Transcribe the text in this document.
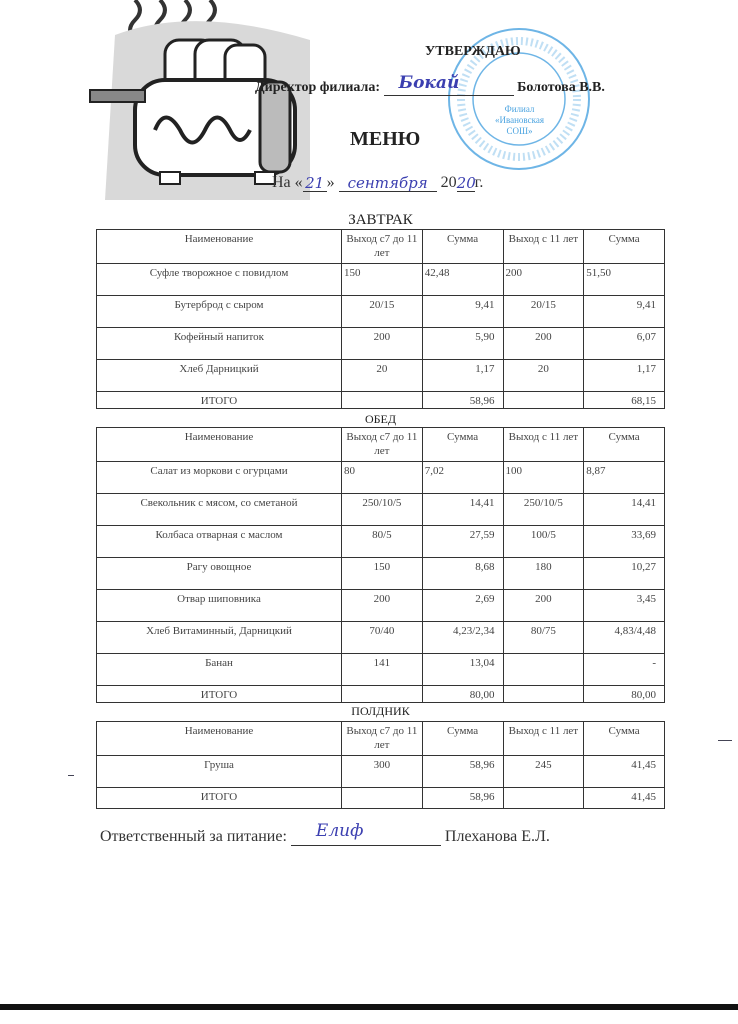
УТВЕРЖДАЮ
Директор филиала: Бокай	Болотова В.В.
Филиал «Ивановская СОШ»
МЕНЮ
На « 21 » сентября 20 20
г.
ЗАВТРАК
Наименование	Выход с7 до 11 лет	Сумма	Выход с 11 лет	Сумма
Суфле творожное с повидлом	150	42,48	200	51,50
Бутерброд с сыром	20/15	9,41	20/15	9,41
Кофейный напиток	200	5,90	200	6,07
Хлеб Дарницкий	20	1,17	20	1,17
ИТОГО		58,96		68,15
ОБЕД
Наименование	Выход с7 до 11 лет	Сумма	Выход с 11 лет	Сумма
Салат из моркови с огурцами	80	7,02	100	8,87
Свекольник с мясом, со сметаной	250/10/5	14,41	250/10/5	14,41
Колбаса отварная с маслом	80/5	27,59	100/5	33,69
Рагу овощное	150	8,68	180	10,27
Отвар шиповника	200	2,69	200	3,45
Хлеб Витаминный, Дарницкий	70/40	4,23/2,34	80/75	4,83/4,48
Банан	141	13,04		-
ИТОГО		80,00		80,00
ПОЛДНИК
Наименование	Выход с7 до 11 лет	Сумма	Выход с 11 лет	Сумма
Груша	300	58,96	245	41,45
ИТОГО		58,96		41,45
Ответственный за питание: Елиф	Плеханова Е.Л.
